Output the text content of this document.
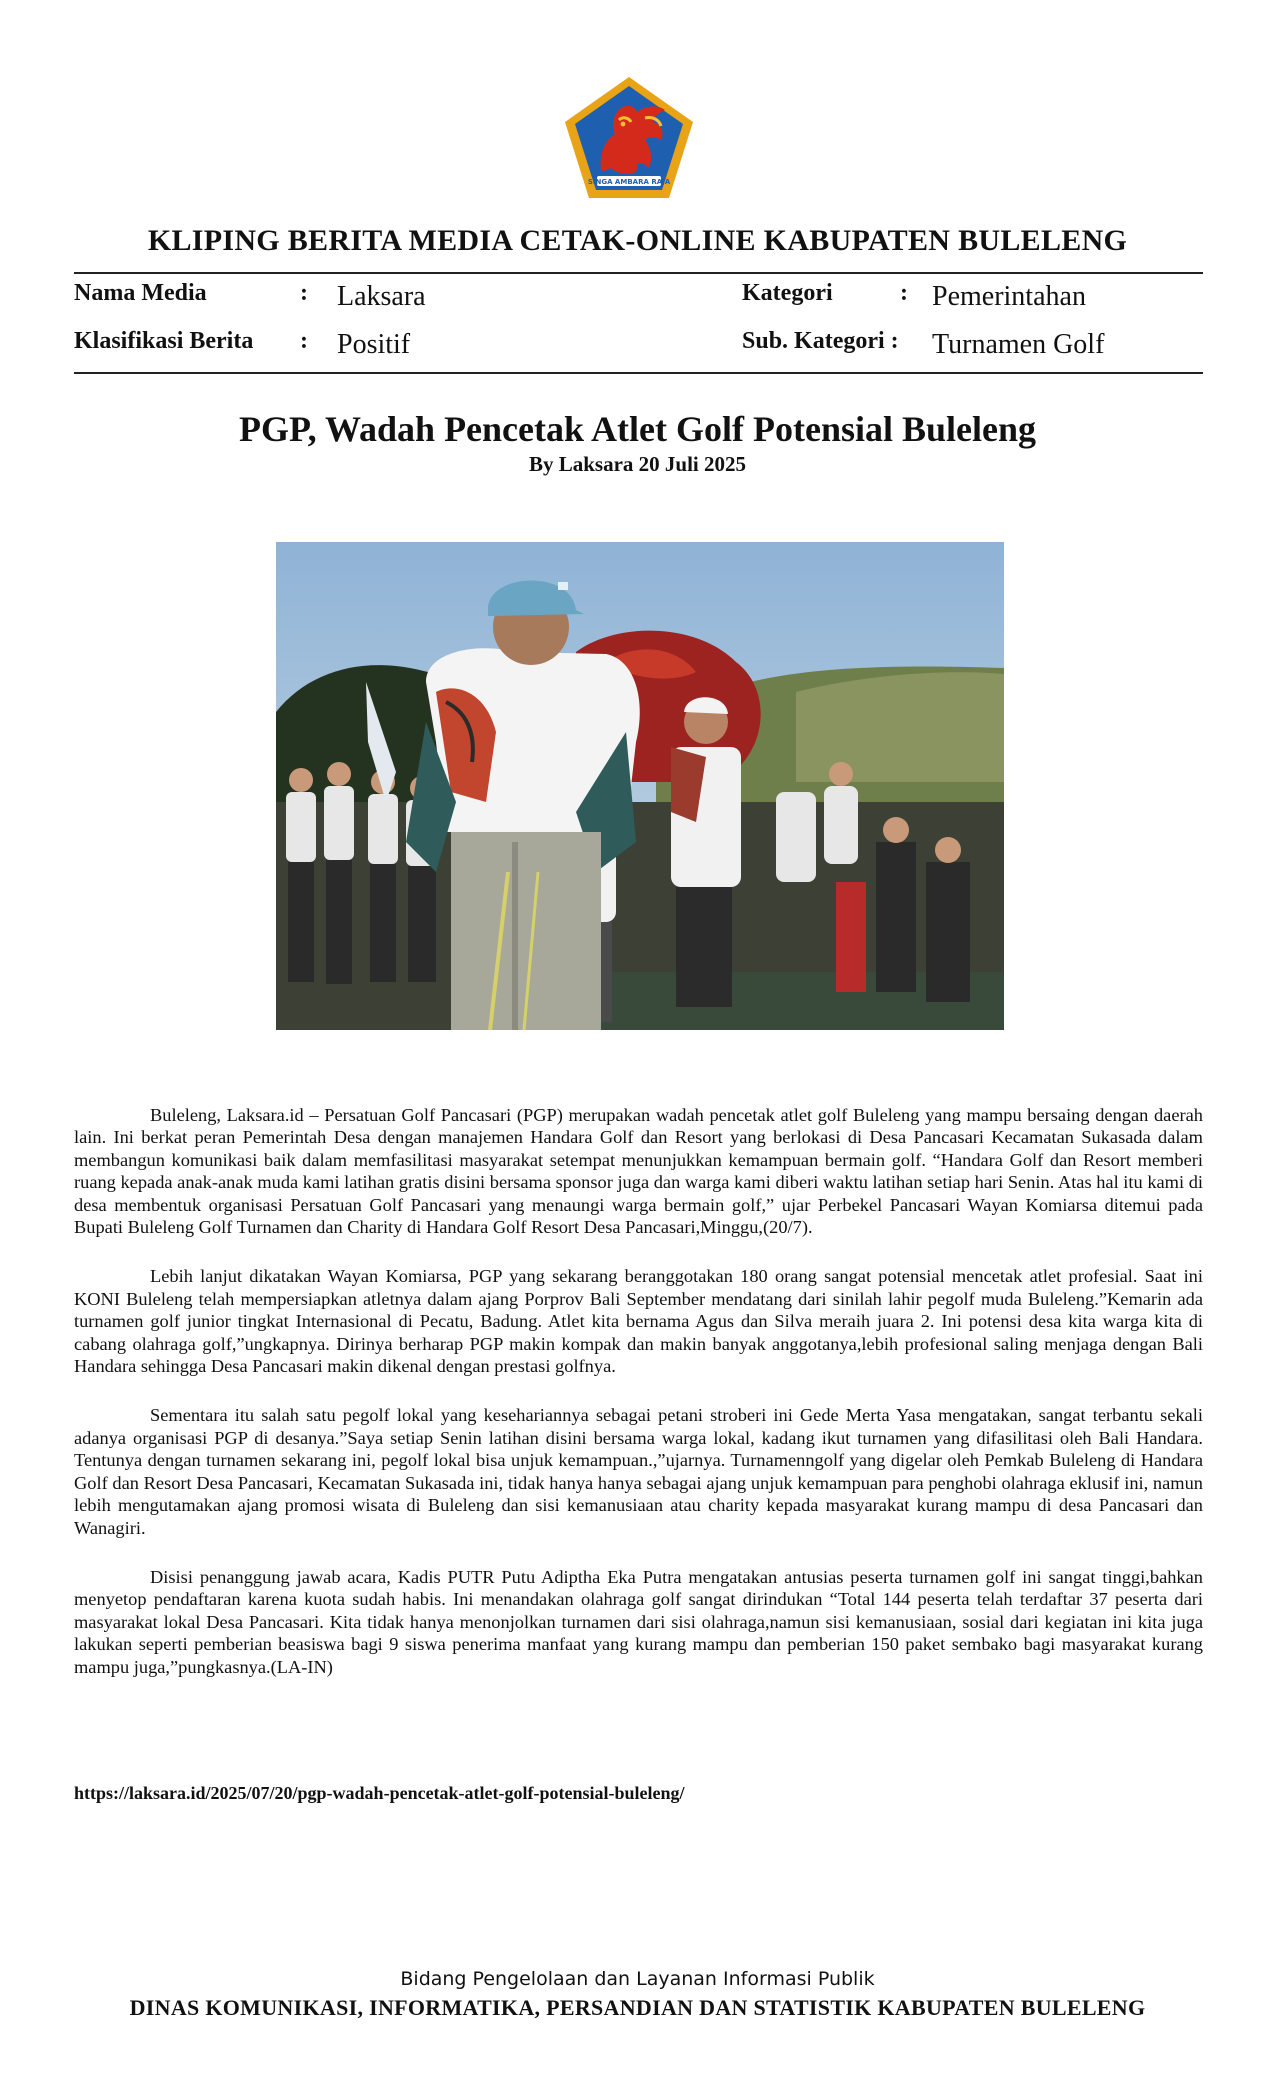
SINGA AMBARA RAJA
KLIPING BERITA MEDIA CETAK-ONLINE KABUPATEN BULELENG
Nama Media	: Laksara	Kategori	: Pemerintahan
Klasifikasi Berita : Positif	Sub. Kategori : Turnamen Golf
PGP, Wadah Pencetak Atlet Golf Potensial Buleleng
By Laksara 20 Juli 2025

Buleleng, Laksara.id – Persatuan Golf Pancasari (PGP) merupakan wadah pencetak atlet golf Buleleng yang mampu bersaing dengan daerah lain. Ini berkat peran Pemerintah Desa dengan manajemen Handara Golf dan Resort yang berlokasi di Desa Pancasari Kecamatan Sukasada dalam membangun komunikasi baik dalam memfasilitasi masyarakat setempat menunjukkan kemampuan bermain golf. “Handara Golf dan Resort memberi ruang kepada anak-anak muda kami latihan gratis disini bersama sponsor juga dan warga kami diberi waktu latihan setiap hari Senin. Atas hal itu kami di desa membentuk organisasi Persatuan Golf Pancasari yang menaungi warga bermain golf,” ujar Perbekel Pancasari Wayan Komiarsa ditemui pada Bupati Buleleng Golf Turnamen dan Charity di Handara Golf Resort Desa Pancasari,Minggu,(20/7).

Lebih lanjut dikatakan Wayan Komiarsa, PGP yang sekarang beranggotakan 180 orang sangat potensial mencetak atlet profesial. Saat ini KONI Buleleng telah mempersiapkan atletnya dalam ajang Porprov Bali September mendatang dari sinilah lahir pegolf muda Buleleng.”Kemarin ada turnamen golf junior tingkat Internasional di Pecatu, Badung. Atlet kita bernama Agus dan Silva meraih juara 2. Ini potensi desa kita warga kita di cabang olahraga golf,”ungkapnya. Dirinya berharap PGP makin kompak dan makin banyak anggotanya,lebih profesional saling menjaga dengan Bali Handara sehingga Desa Pancasari makin dikenal dengan prestasi golfnya.

Sementara itu salah satu pegolf lokal yang kesehariannya sebagai petani stroberi ini Gede Merta Yasa mengatakan, sangat terbantu sekali adanya organisasi PGP di desanya.”Saya setiap Senin latihan disini bersama warga lokal, kadang ikut turnamen yang difasilitasi oleh Bali Handara. Tentunya dengan turnamen sekarang ini, pegolf lokal bisa unjuk kemampuan.,”ujarnya. Turnamenngolf yang digelar oleh Pemkab Buleleng di Handara Golf dan Resort Desa Pancasari, Kecamatan Sukasada ini, tidak hanya hanya sebagai ajang unjuk kemampuan para penghobi olahraga eklusif ini, namun lebih mengutamakan ajang promosi wisata di Buleleng dan sisi kemanusiaan atau charity kepada masyarakat kurang mampu di desa Pancasari dan Wanagiri.

Disisi penanggung jawab acara, Kadis PUTR Putu Adiptha Eka Putra mengatakan antusias peserta turnamen golf ini sangat tinggi,bahkan menyetop pendaftaran karena kuota sudah habis. Ini menandakan olahraga golf sangat dirindukan “Total 144 peserta telah terdaftar 37 peserta dari masyarakat lokal Desa Pancasari. Kita tidak hanya menonjolkan turnamen dari sisi olahraga,namun sisi kemanusiaan, sosial dari kegiatan ini kita juga lakukan seperti pemberian beasiswa bagi 9 siswa penerima manfaat yang kurang mampu dan pemberian 150 paket sembako bagi masyarakat kurang mampu juga,”pungkasnya.(LA-IN)

https://laksara.id/2025/07/20/pgp-wadah-pencetak-atlet-golf-potensial-buleleng/
Bidang Pengelolaan dan Layanan Informasi Publik
DINAS KOMUNIKASI, INFORMATIKA, PERSANDIAN DAN STATISTIK KABUPATEN BULELENG
